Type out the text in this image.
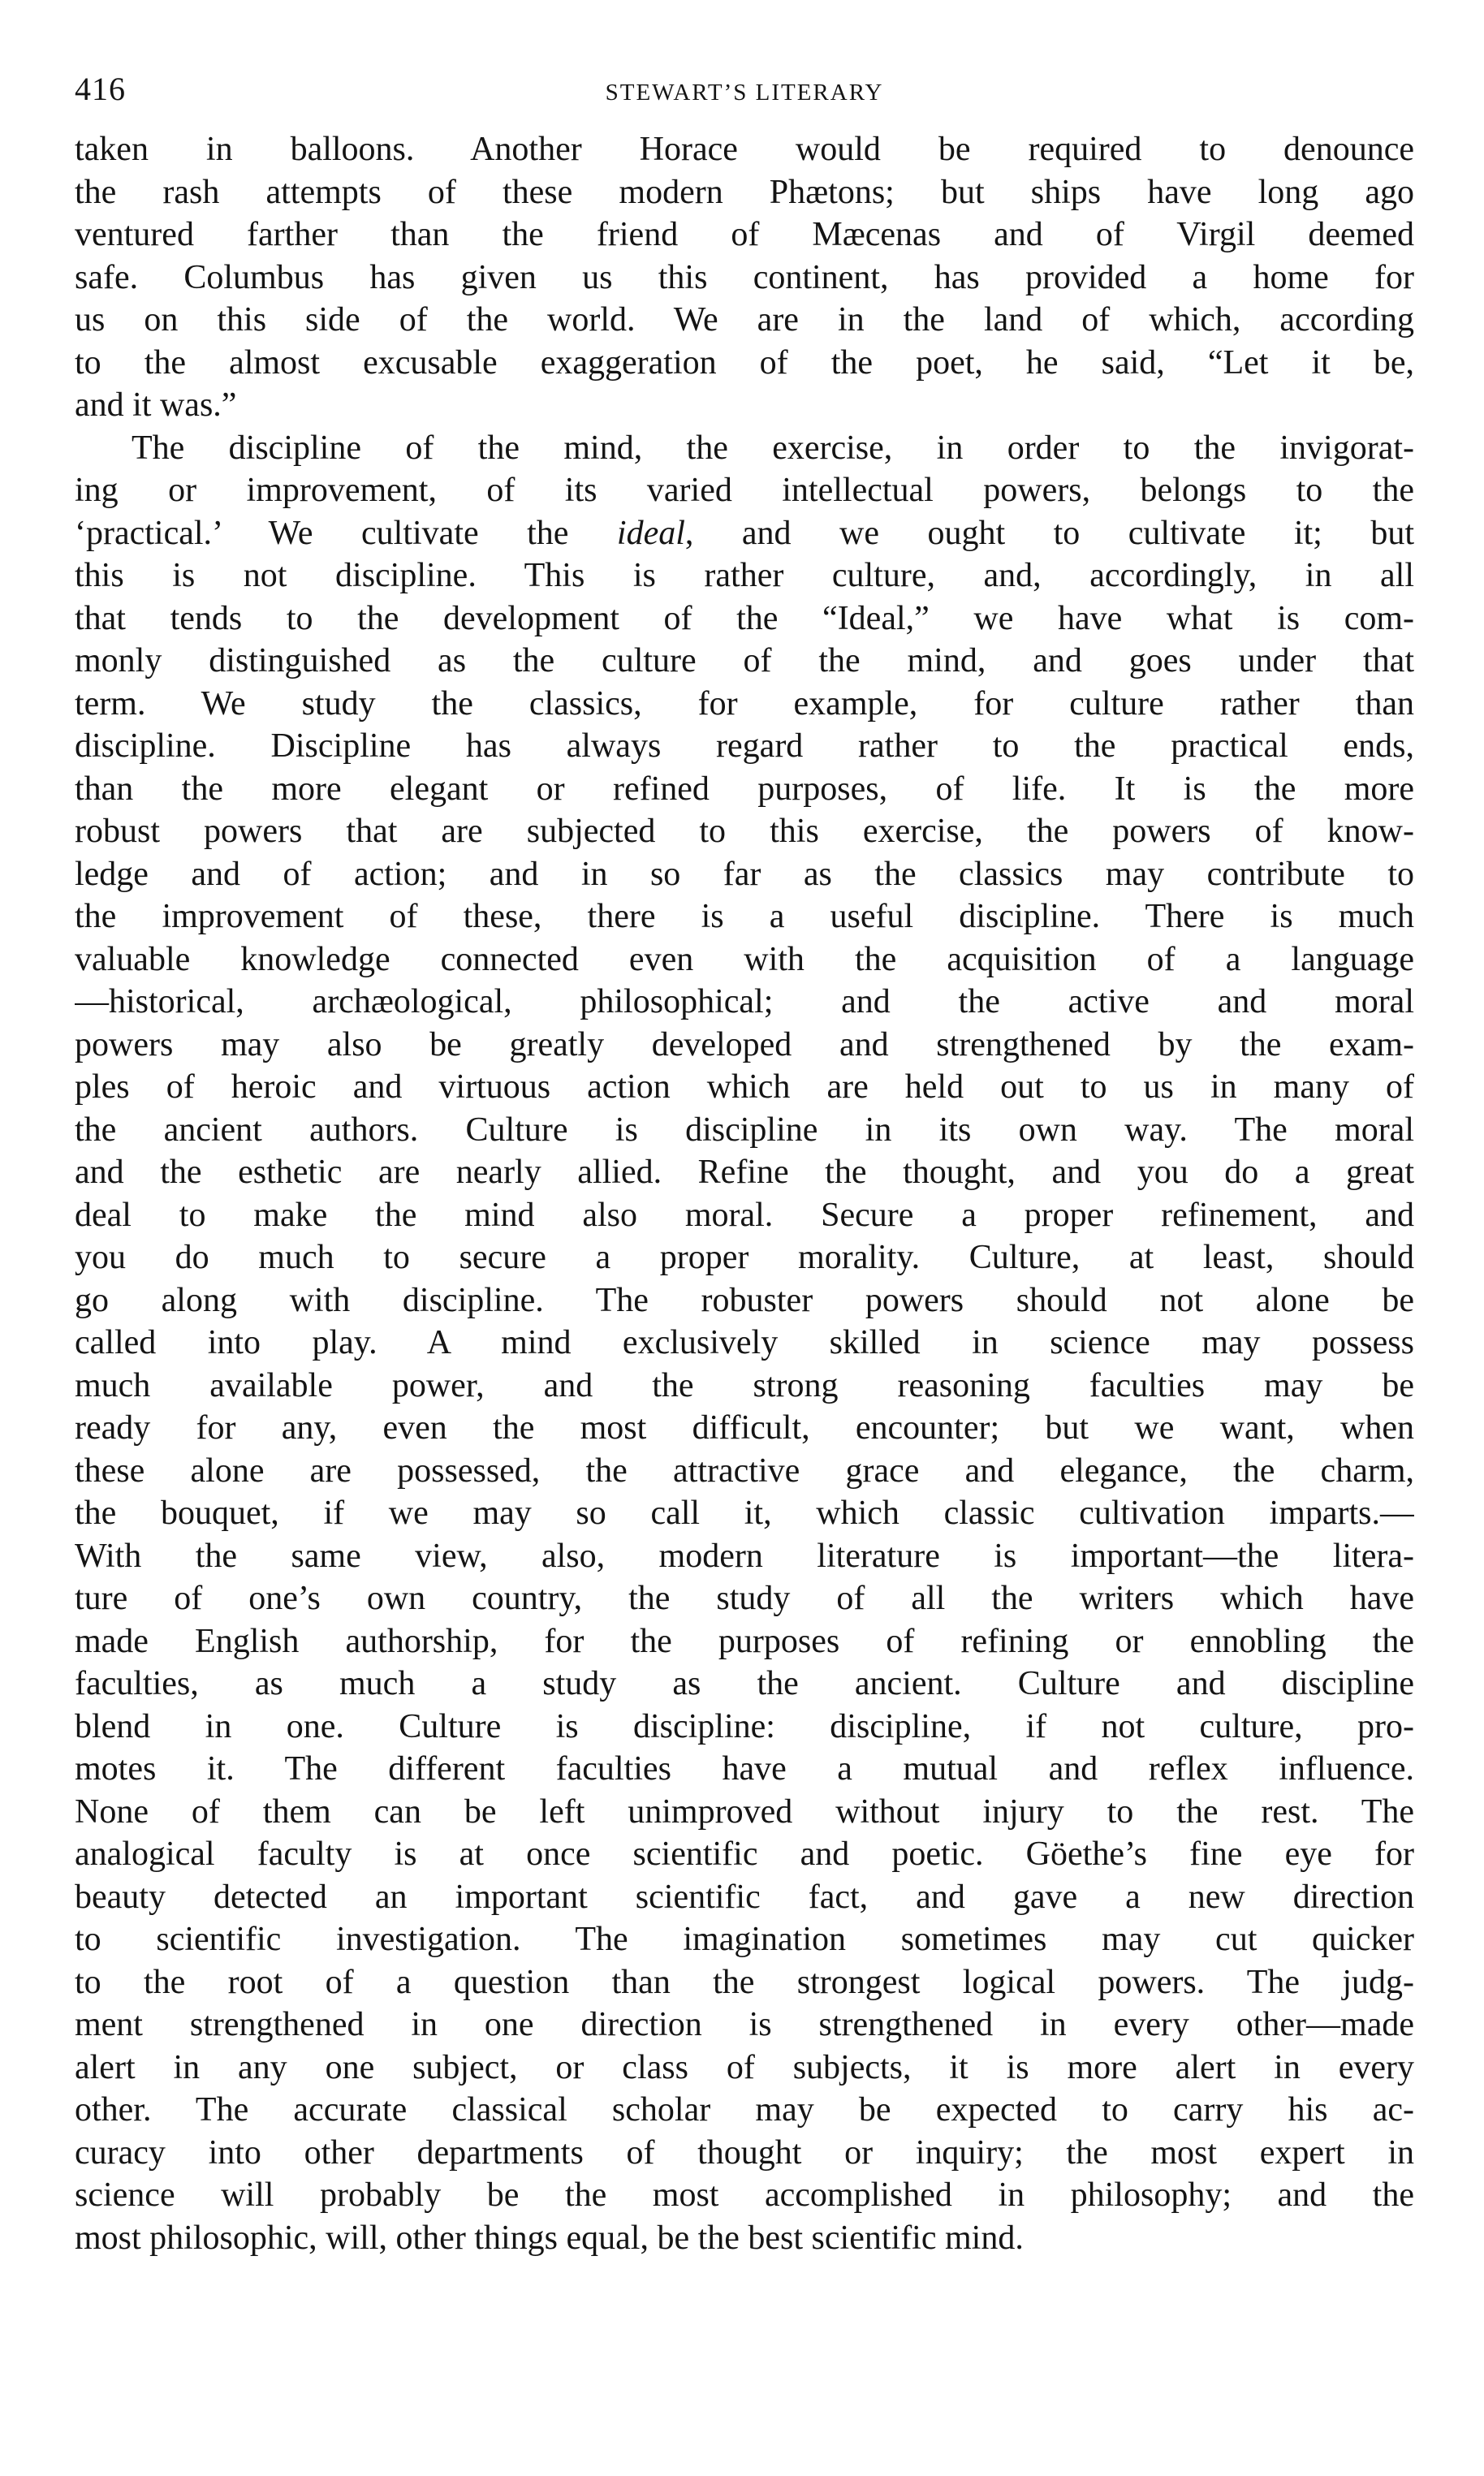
416	STEWART’S LITERARY
taken in balloons. Another Horace would be required to denounce
the rash attempts of these modern Phætons; but ships have long ago
ventured farther than the friend of Mæcenas and of Virgil deemed
safe. Columbus has given us this continent, has provided a home for
us on this side of the world. We are in the land of which, according
to the almost excusable exaggeration of the poet, he said, “Let it be,
and it was.”
The discipline of the mind, the exercise, in order to the invigorat-
ing or improvement, of its varied intellectual powers, belongs to the
‘practical.’ We cultivate the ideal, and we ought to cultivate it; but
this is not discipline. This is rather culture, and, accordingly, in all
that tends to the development of the “Ideal,” we have what is com-
monly distinguished as the culture of the mind, and goes under that
term. We study the classics, for example, for culture rather than
discipline. Discipline has always regard rather to the practical ends,
than the more elegant or refined purposes, of life. It is the more
robust powers that are subjected to this exercise, the powers of know-
ledge and of action; and in so far as the classics may contribute to
the improvement of these, there is a useful discipline. There is much
valuable knowledge connected even with the acquisition of a language
—historical, archæological, philosophical; and the active and moral
powers may also be greatly developed and strengthened by the exam-
ples of heroic and virtuous action which are held out to us in many of
the ancient authors. Culture is discipline in its own way. The moral
and the esthetic are nearly allied. Refine the thought, and you do a great
deal to make the mind also moral. Secure a proper refinement, and
you do much to secure a proper morality. Culture, at least, should
go along with discipline. The robuster powers should not alone be
called into play. A mind exclusively skilled in science may possess
much available power, and the strong reasoning faculties may be
ready for any, even the most difficult, encounter; but we want, when
these alone are possessed, the attractive grace and elegance, the charm,
the bouquet, if we may so call it, which classic cultivation imparts.—
With the same view, also, modern literature is important—the litera-
ture of one’s own country, the study of all the writers which have
made English authorship, for the purposes of refining or ennobling the
faculties, as much a study as the ancient. Culture and discipline
blend in one. Culture is discipline: discipline, if not culture, pro-
motes it. The different faculties have a mutual and reflex influence.
None of them can be left unimproved without injury to the rest. The
analogical faculty is at once scientific and poetic. Göethe’s fine eye for
beauty detected an important scientific fact, and gave a new direction
to scientific investigation. The imagination sometimes may cut quicker
to the root of a question than the strongest logical powers. The judg-
ment strengthened in one direction is strengthened in every other—made
alert in any one subject, or class of subjects, it is more alert in every
other. The accurate classical scholar may be expected to carry his ac-
curacy into other departments of thought or inquiry; the most expert in
science will probably be the most accomplished in philosophy; and the
most philosophic, will, other things equal, be the best scientific mind.
